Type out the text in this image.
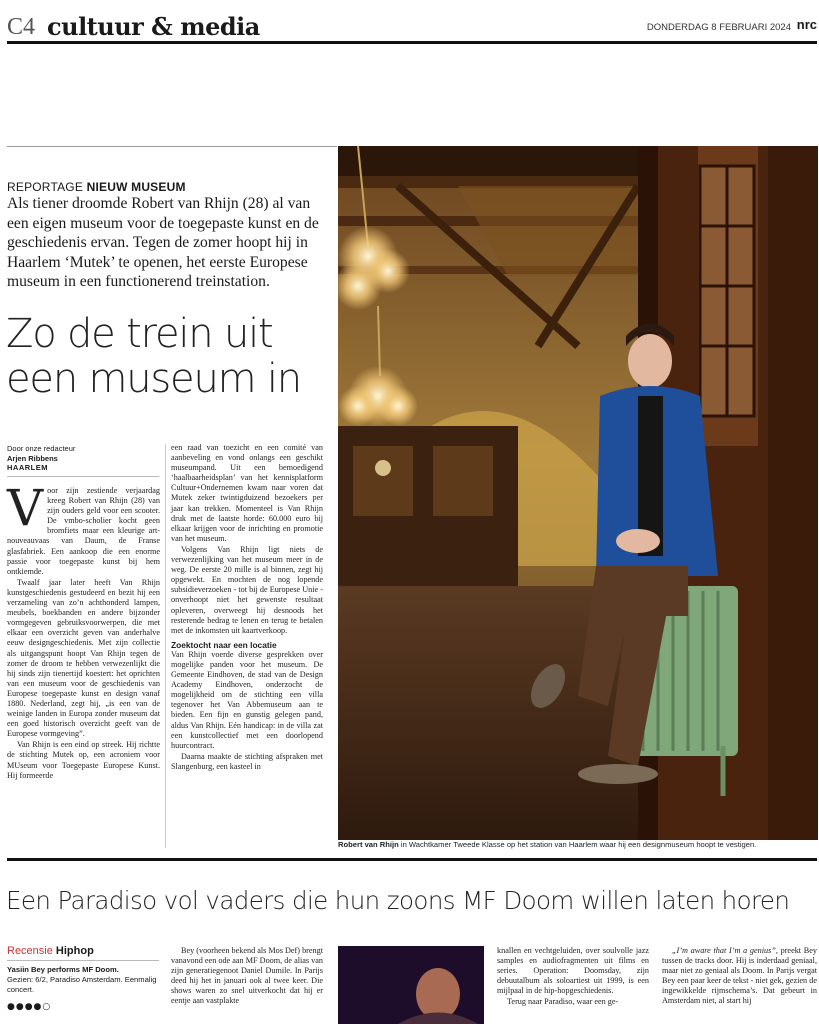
C4 cultuur & media	DONDERDAG 8 FEBRUARI 2024 nrc
REPORTAGE NIEUW MUSEUM
Als tiener droomde Robert van Rhijn (28) al van een eigen museum voor de toegepaste kunst en de geschiedenis ervan. Tegen de zomer hoopt hij in Haarlem ‘Mutek’ te openen, het eerste Europese museum in een functionerend treinstation.
Zo de trein uit een museum in
Door onze redacteur
Arjen Ribbens
HAARLEM
V oor zijn zestiende verjaardag kreeg Robert van Rhijn (28) van zijn ouders geld voor een scooter. De vmbo-scholier kocht geen bromfiets maar een kleurige art-nouveauvaas van Daum, de Franse glasfabriek. Een aankoop die een enorme passie voor toegepaste kunst bij hem ontkiemde.

Twaalf jaar later heeft Van Rhijn kunstgeschiedenis gestudeerd en bezit hij een verzameling van zo’n achthonderd lampen, meubels, boekbanden en andere bijzonder vormgegeven gebruiksvoorwerpen, die met elkaar een overzicht geven van anderhalve eeuw designgeschiedenis. Met zijn collectie als uitgangspunt hoopt Van Rhijn tegen de zomer de droom te hebben verwezenlijkt die hij sinds zijn tienertijd koestert: het oprichten van een museum voor de geschiedenis van Europese toegepaste kunst en design vanaf 1880. Nederland, zegt hij, „is een van de weinige landen in Europa zonder museum dat een goed historisch overzicht geeft van de Europese vormgeving”.

Van Rhijn is een eind op streek. Hij richtte de stichting Mutek op, een acroniem voor MUseum voor Toegepaste Europese Kunst. Hij formeerde

een raad van toezicht en een comité van aanbeveling en vond onlangs een geschikt museumpand. Uit een bemoedigend ‘haalbaarheidsplan’ van het kennisplatform Cultuur+Ondernemen kwam naar voren dat Mutek zeker twintigduizend bezoekers per jaar kan trekken. Momenteel is Van Rhijn druk met de laatste horde: 60.000 euro bij elkaar krijgen voor de inrichting en promotie van het museum.

Volgens Van Rhijn ligt niets de verwezenlijking van het museum meer in de weg. De eerste 20 mille is al binnen, zegt hij opgewekt. En mochten de nog lopende subsidieverzoeken - tot bij de Europese Unie - onverhoopt niet het gewenste resultaat opleveren, overweegt hij desnoods het resterende bedrag te lenen en terug te betalen met de inkomsten uit kaartverkoop.

Zoektocht naar een locatie

Van Rhijn voerde diverse gesprekken over mogelijke panden voor het museum. De Gemeente Eindhoven, de stad van de Design Academy Eindhoven, onderzocht de mogelijkheid om de stichting een villa tegenover het Van Abbemuseum aan te bieden. Een fijn en gunstig gelegen pand, aldus Van Rhijn. Eén handicap: in de villa zat een kunstcollectief met een doorlopend huurcontract.

Daarna maakte de stichting afspraken met Slangenburg, een kasteel in

Robert van Rhijn in Wachtkamer Tweede Klasse op het station van Haarlem waar hij een designmuseum hoopt te vestigen.
Een Paradiso vol vaders die hun zoons MF Doom willen laten horen
Recensie Hiphop
Yasiin Bey performs MF Doom.
Gezien: 6/2, Paradiso Amsterdam. Eenmalig concert.
●●●●○

Bey (voorheen bekend als Mos Def) brengt vanavond een ode aan MF Doom, de alias van zijn generatiegenoot Daniel Dumile. In Parijs deed hij het in januari ook al twee keer. Die shows waren zo snel uitverkocht dat hij er eentje aan vastplakte

knallen en vechtgeluiden, over soulvolle jazz samples en audiofragmenten uit films en series. Operation: Doomsday, zijn debuutalbum als soloartiest uit 1999, is een mijlpaal in de hip-hopgeschiedenis.

Terug naar Paradiso, waar een ge-

„I’m aware that I’m a genius”, preekt Bey tussen de tracks door. Hij is inderdaad geniaal, maar niet zo geniaal als Doom. In Parijs vergat Bey een paar keer de tekst - niet gek, gezien de ingewikkelde rijmschema’s. Dat gebeurt in Amsterdam niet, al start hij
